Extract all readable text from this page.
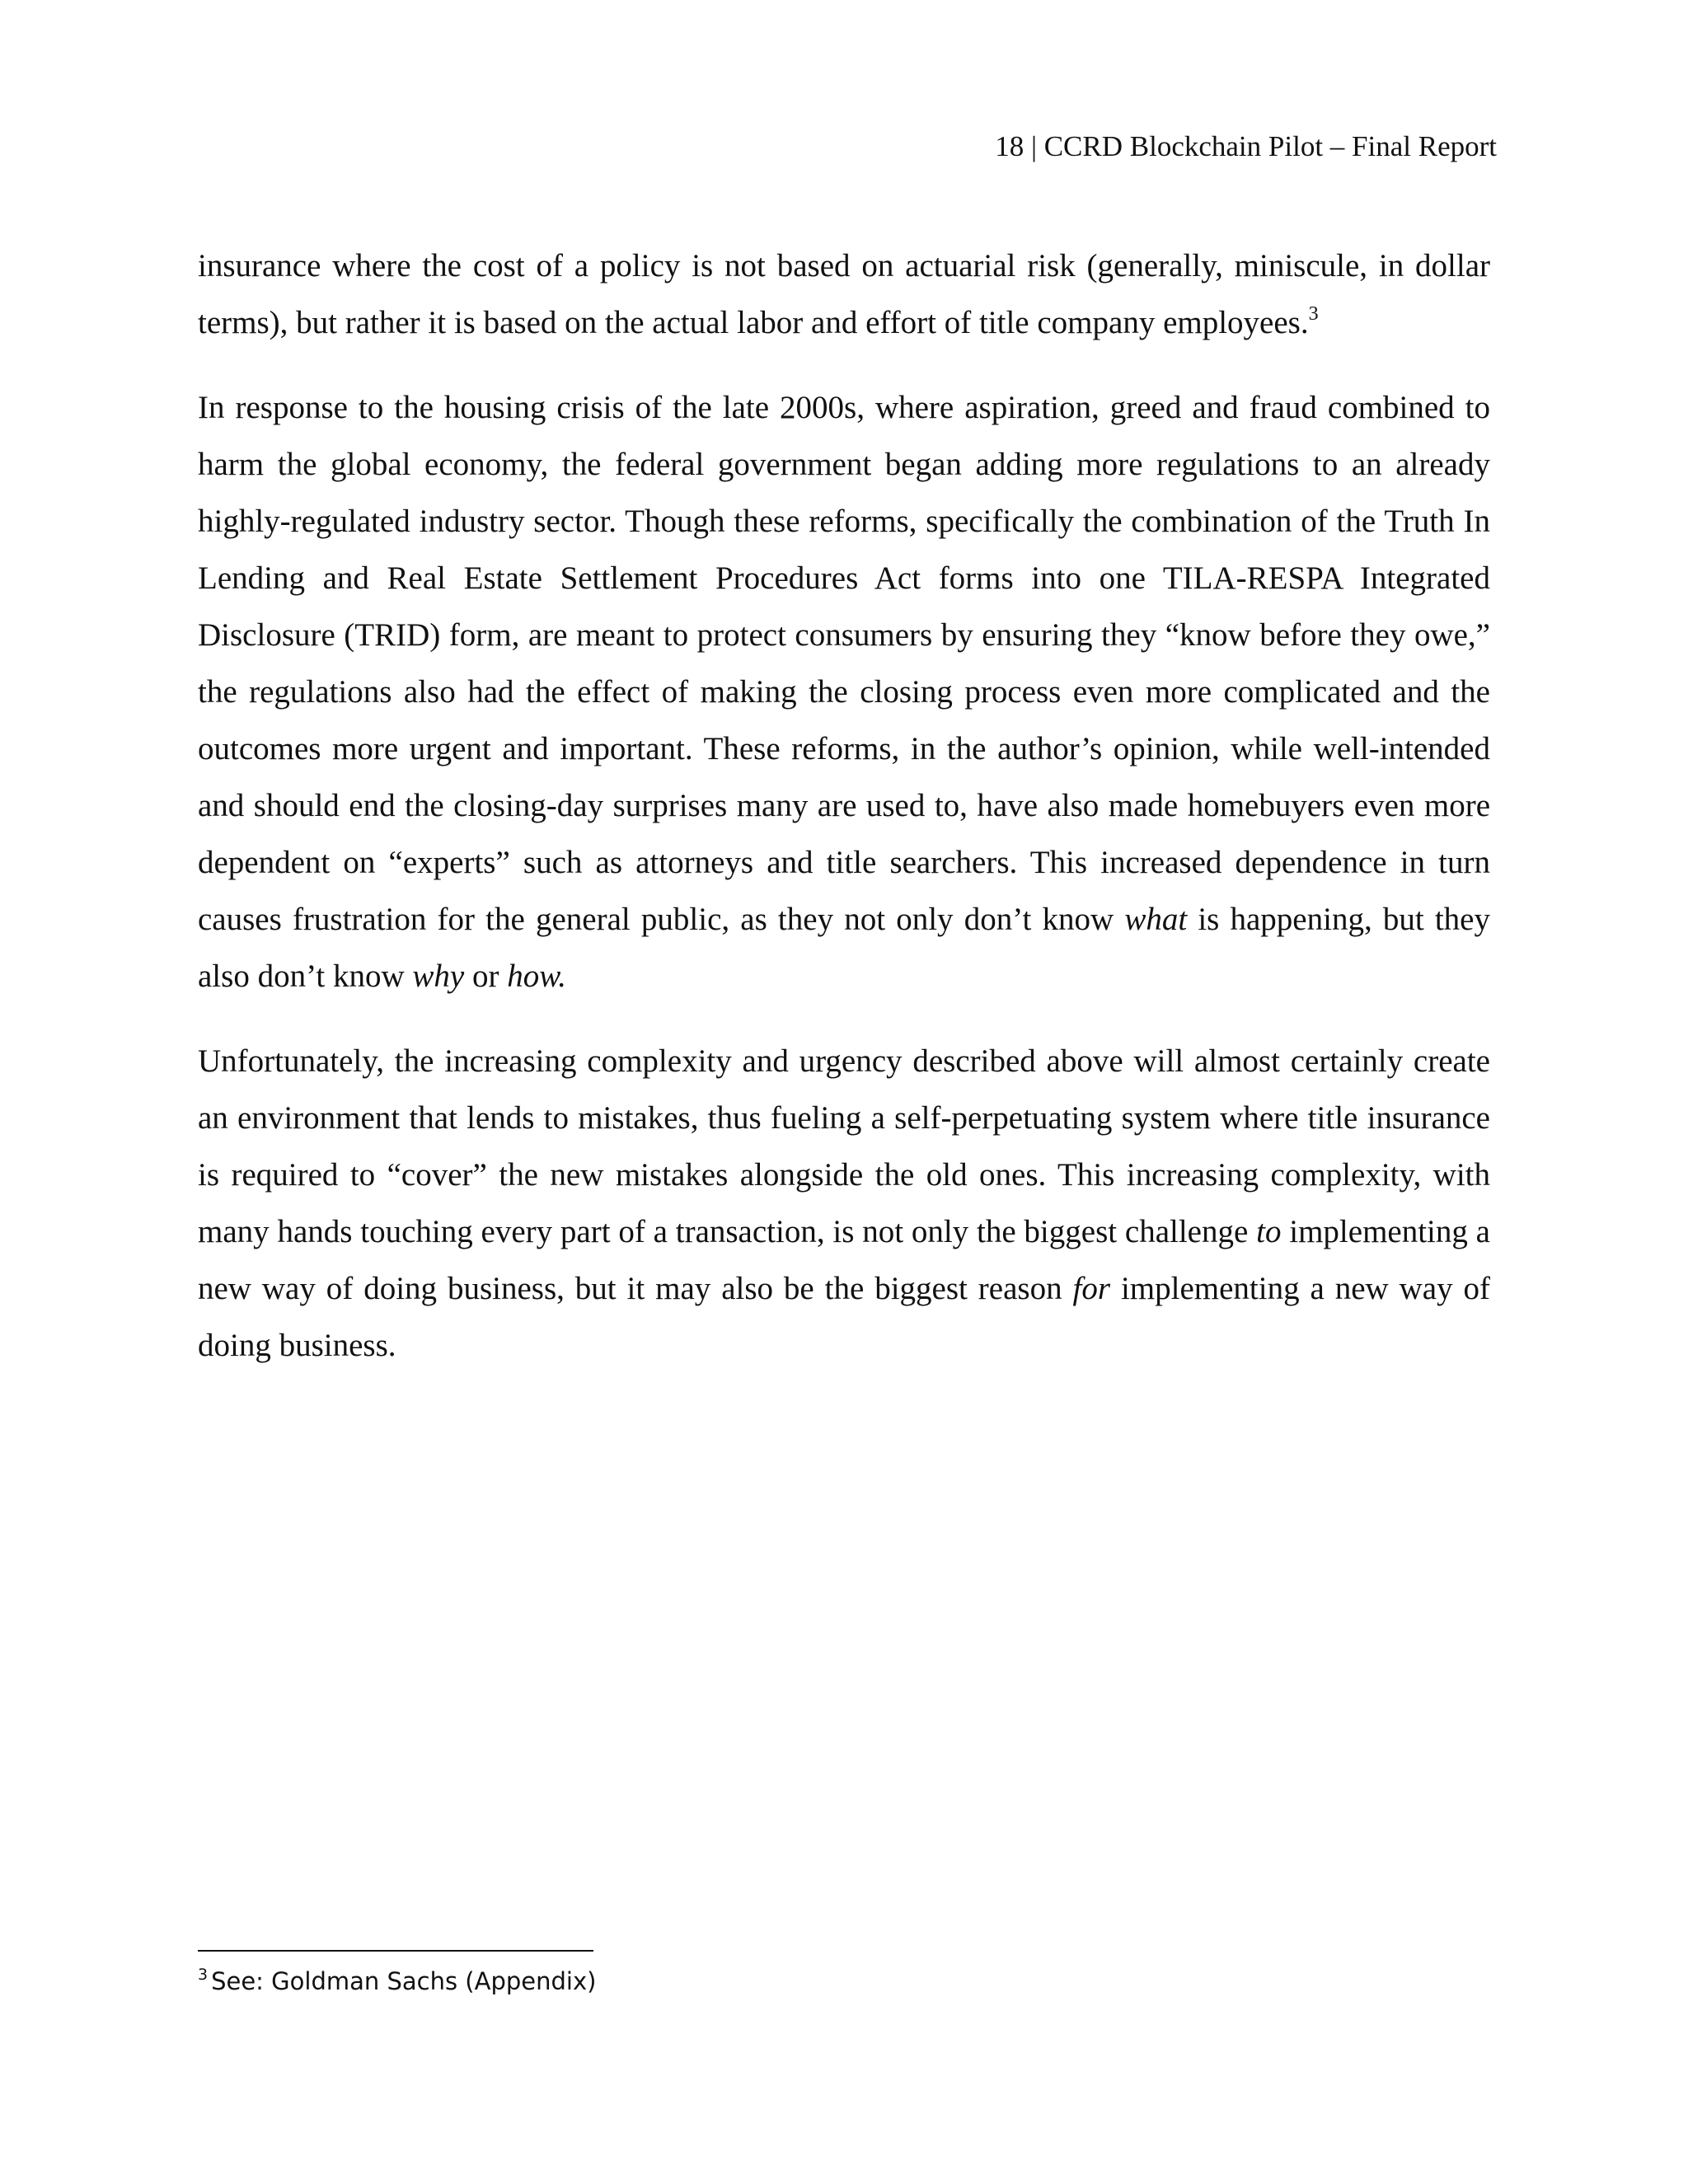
18 | CCRD Blockchain Pilot – Final Report

insurance where the cost of a policy is not based on actuarial risk (generally, miniscule, in dollar terms), but rather it is based on the actual labor and effort of title company employees.$^3$

In response to the housing crisis of the late 2000s, where aspiration, greed and fraud combined to harm the global economy, the federal government began adding more regulations to an already highly-regulated industry sector. Though these reforms, specifically the combination of the Truth In Lending and Real Estate Settlement Procedures Act forms into one TILA-RESPA Integrated Disclosure (TRID) form, are meant to protect consumers by ensuring they “know before they owe,” the regulations also had the effect of making the closing process even more complicated and the outcomes more urgent and important. These reforms, in the author’s opinion, while well-intended and should end the closing-day surprises many are used to, have also made homebuyers even more dependent on “experts” such as attorneys and title searchers. This increased dependence in turn causes frustration for the general public, as they not only don’t know what is happening, but they also don’t know why or how.

Unfortunately, the increasing complexity and urgency described above will almost certainly create an environment that lends to mistakes, thus fueling a self-perpetuating system where title insurance is required to “cover” the new mistakes alongside the old ones. This increasing complexity, with many hands touching every part of a transaction, is not only the biggest challenge to implementing a new way of doing business, but it may also be the biggest reason for implementing a new way of doing business.

$^3$ See: Goldman Sachs (Appendix)
